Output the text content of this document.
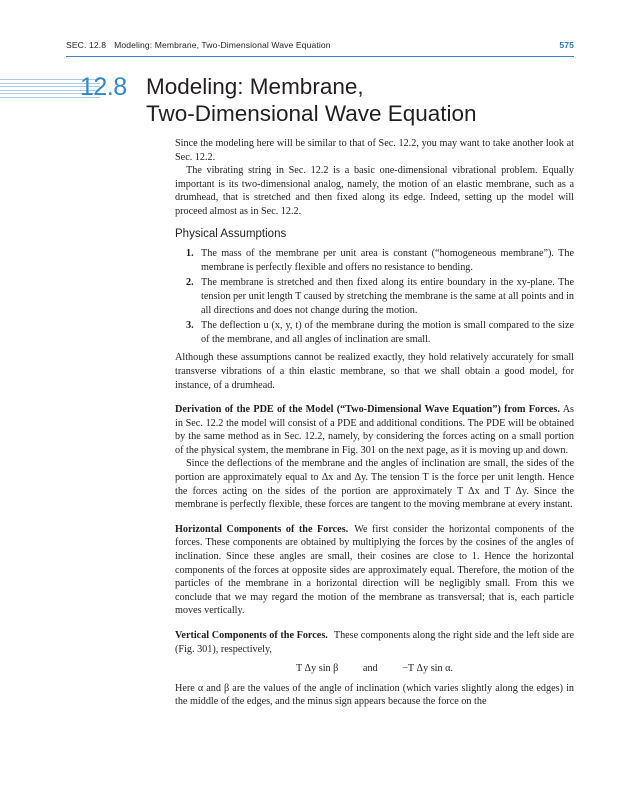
SEC. 12.8 Modeling: Membrane, Two-Dimensional Wave Equation	575
12.8 Modeling: Membrane,
Two-Dimensional Wave Equation

Since the modeling here will be similar to that of Sec. 12.2, you may want to take another look at Sec. 12.2.

The vibrating string in Sec. 12.2 is a basic one-dimensional vibrational problem. Equally important is its two-dimensional analog, namely, the motion of an elastic membrane, such as a drumhead, that is stretched and then fixed along its edge. Indeed, setting up the model will proceed almost as in Sec. 12.2.

Physical Assumptions
1. The mass of the membrane per unit area is constant (“homogeneous membrane”). The membrane is perfectly flexible and offers no resistance to bending.
2. The membrane is stretched and then fixed along its entire boundary in the xy-plane. The tension per unit length T caused by stretching the membrane is the same at all points and in all directions and does not change during the motion.
3. The deflection u (x, y, t) of the membrane during the motion is small compared to the size of the membrane, and all angles of inclination are small.

Although these assumptions cannot be realized exactly, they hold relatively accurately for small transverse vibrations of a thin elastic membrane, so that we shall obtain a good model, for instance, of a drumhead.

Derivation of the PDE of the Model (“Two-Dimensional Wave Equation”) from Forces. As in Sec. 12.2 the model will consist of a PDE and additional conditions. The PDE will be obtained by the same method as in Sec. 12.2, namely, by considering the forces acting on a small portion of the physical system, the membrane in Fig. 301 on the next page, as it is moving up and down.

Since the deflections of the membrane and the angles of inclination are small, the sides of the portion are approximately equal to Δx and Δy. The tension T is the force per unit length. Hence the forces acting on the sides of the portion are approximately T Δx and T Δy. Since the membrane is perfectly flexible, these forces are tangent to the moving membrane at every instant.

Horizontal Components of the Forces. We first consider the horizontal components of the forces. These components are obtained by multiplying the forces by the cosines of the angles of inclination. Since these angles are small, their cosines are close to 1. Hence the horizontal components of the forces at opposite sides are approximately equal. Therefore, the motion of the particles of the membrane in a horizontal direction will be negligibly small. From this we conclude that we may regard the motion of the membrane as transversal; that is, each particle moves vertically.

Vertical Components of the Forces. These components along the right side and the left side are (Fig. 301), respectively,

T Δy sin β and −T Δy sin α.

Here α and β are the values of the angle of inclination (which varies slightly along the edges) in the middle of the edges, and the minus sign appears because the force on the
